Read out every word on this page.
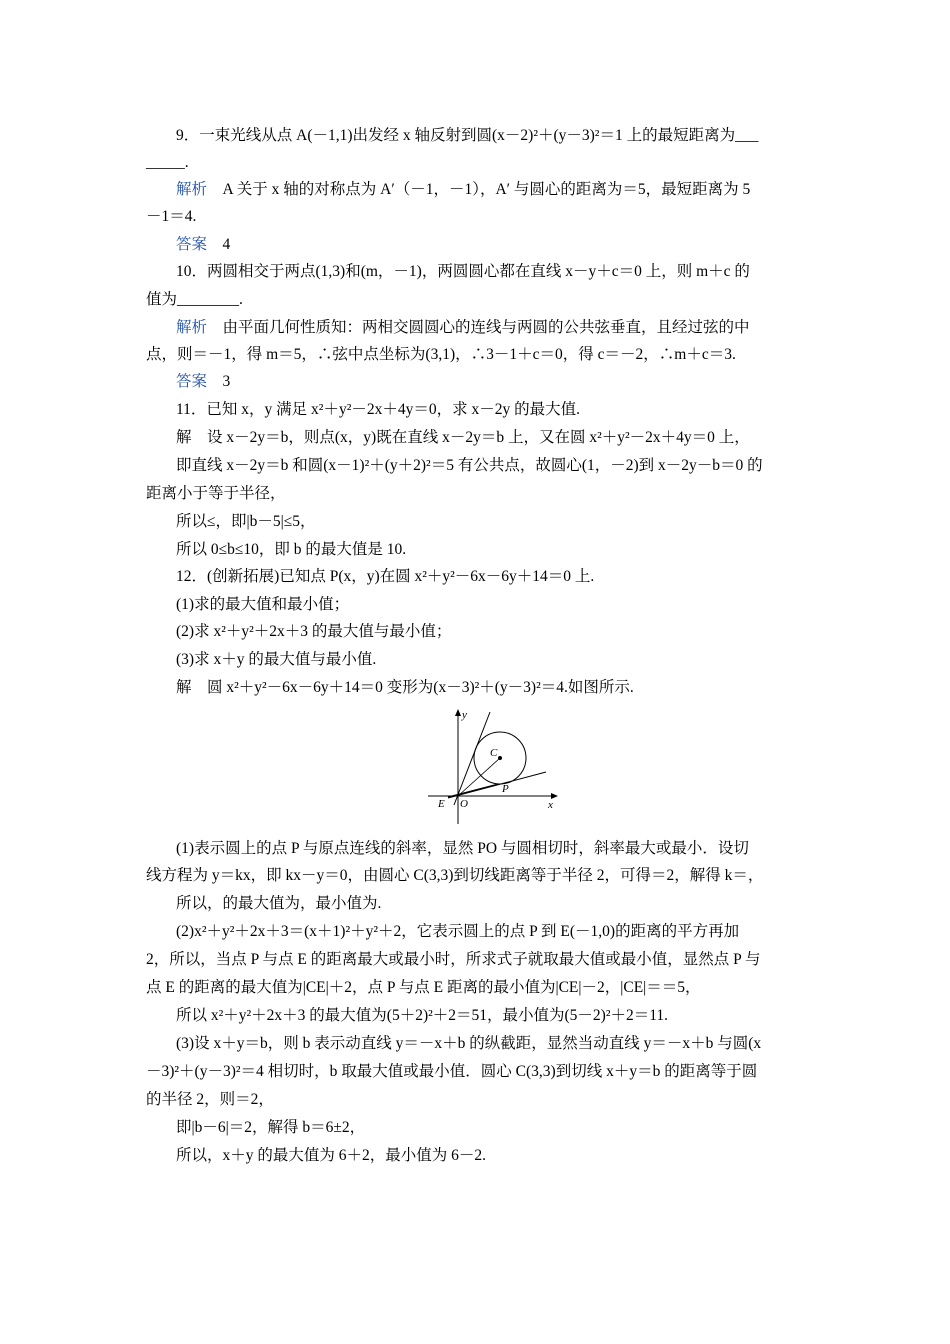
9．一束光线从点 A(－1,1)出发经 x 轴反射到圆(x－2)²＋(y－3)²＝1 上的最短距离为___
_____.
解析　 A 关于 x 轴的对称点为 A′（－1，－1），A′ 与圆心的距离为＝5，最短距离为 5
－1＝4.
答案　 4
10．两圆相交于两点(1,3)和(m，－1)，两圆圆心都在直线 x－y＋c＝0 上，则 m＋c 的
值为________.
解析　 由平面几何性质知：两相交圆圆心的连线与两圆的公共弦垂直，且经过弦的中
点，则＝－1，得 m＝5，∴弦中点坐标为(3,1)，∴3－1＋c＝0，得 c＝－2，∴m＋c＝3.
答案　 3
11．已知 x，y 满足 x²＋y²－2x＋4y＝0，求 x－2y 的最大值.
解　设 x－2y＝b，则点(x，y)既在直线 x－2y＝b 上，又在圆 x²＋y²－2x＋4y＝0 上，
即直线 x－2y＝b 和圆(x－1)²＋(y＋2)²＝5 有公共点，故圆心(1，－2)到 x－2y－b＝0 的
距离小于等于半径，
所以≤，即|b－5|≤5，
所以 0≤b≤10，即 b 的最大值是 10.
12．(创新拓展)已知点 P(x，y)在圆 x²＋y²－6x－6y＋14＝0 上.
(1)求的最大值和最小值；
(2)求 x²＋y²＋2x＋3 的最大值与最小值；
(3)求 x＋y 的最大值与最小值.
解　圆 x²＋y²－6x－6y＋14＝0 变形为(x－3)²＋(y－3)²＝4.如图所示.
y
x
C
E O
P
(1)表示圆上的点 P 与原点连线的斜率，显然 PO 与圆相切时，斜率最大或最小．设切
线方程为 y＝kx，即 kx－y＝0，由圆心 C(3,3)到切线距离等于半径 2，可得＝2，解得 k＝，
所以，的最大值为，最小值为.
(2)x²＋y²＋2x＋3＝(x＋1)²＋y²＋2，它表示圆上的点 P 到 E(－1,0)的距离的平方再加
2，所以，当点 P 与点 E 的距离最大或最小时，所求式子就取最大值或最小值，显然点 P 与
点 E 的距离的最大值为|CE|＋2，点 P 与点 E 距离的最小值为|CE|－2，|CE|＝＝5，
所以 x²＋y²＋2x＋3 的最大值为(5＋2)²＋2＝51，最小值为(5－2)²＋2＝11.
(3)设 x＋y＝b，则 b 表示动直线 y＝－x＋b 的纵截距，显然当动直线 y＝－x＋b 与圆(x
－3)²＋(y－3)²＝4 相切时，b 取最大值或最小值．圆心 C(3,3)到切线 x＋y＝b 的距离等于圆
的半径 2，则＝2，
即|b－6|＝2，解得 b＝6±2，
所以，x＋y 的最大值为 6＋2，最小值为 6－2.
